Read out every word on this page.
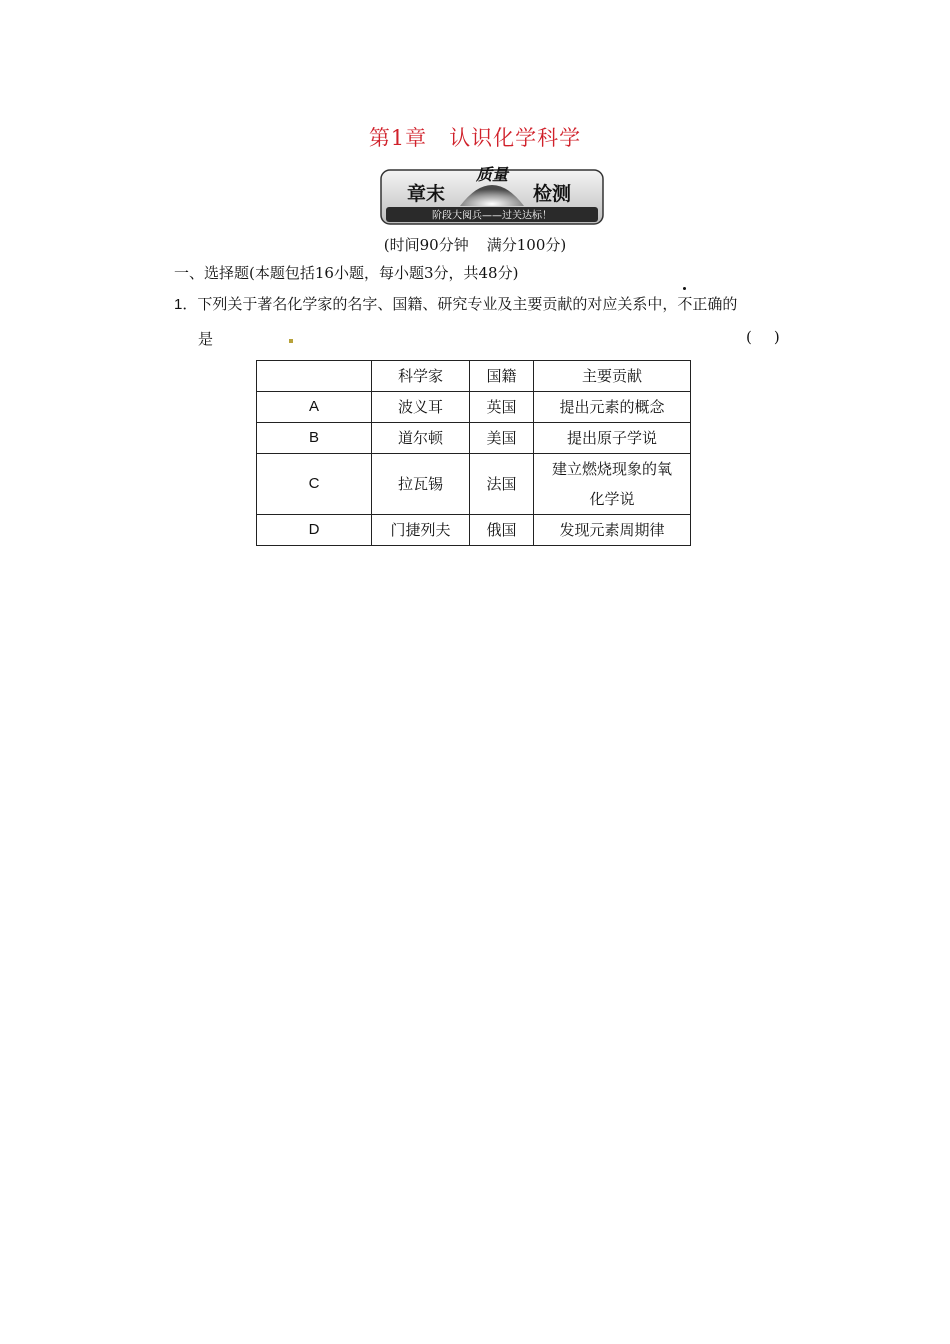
第1章 认识化学科学
章末
质量
检测
阶段大阅兵——过关达标！
(时间90分钟 满分100分)
一、选择题(本题包括16小题，每小题3分，共48分)
1．下列关于著名化学家的名字、国籍、研究专业及主要贡献的对应关系中，不正确的
是	( )
	科学家	国籍	主要贡献
A	波义耳	英国	提出元素的概念
B	道尔顿	美国	提出原子学说
C	拉瓦锡	法国	建立燃烧现象的氧
化学说

D	门捷列夫	俄国	发现元素周期律
